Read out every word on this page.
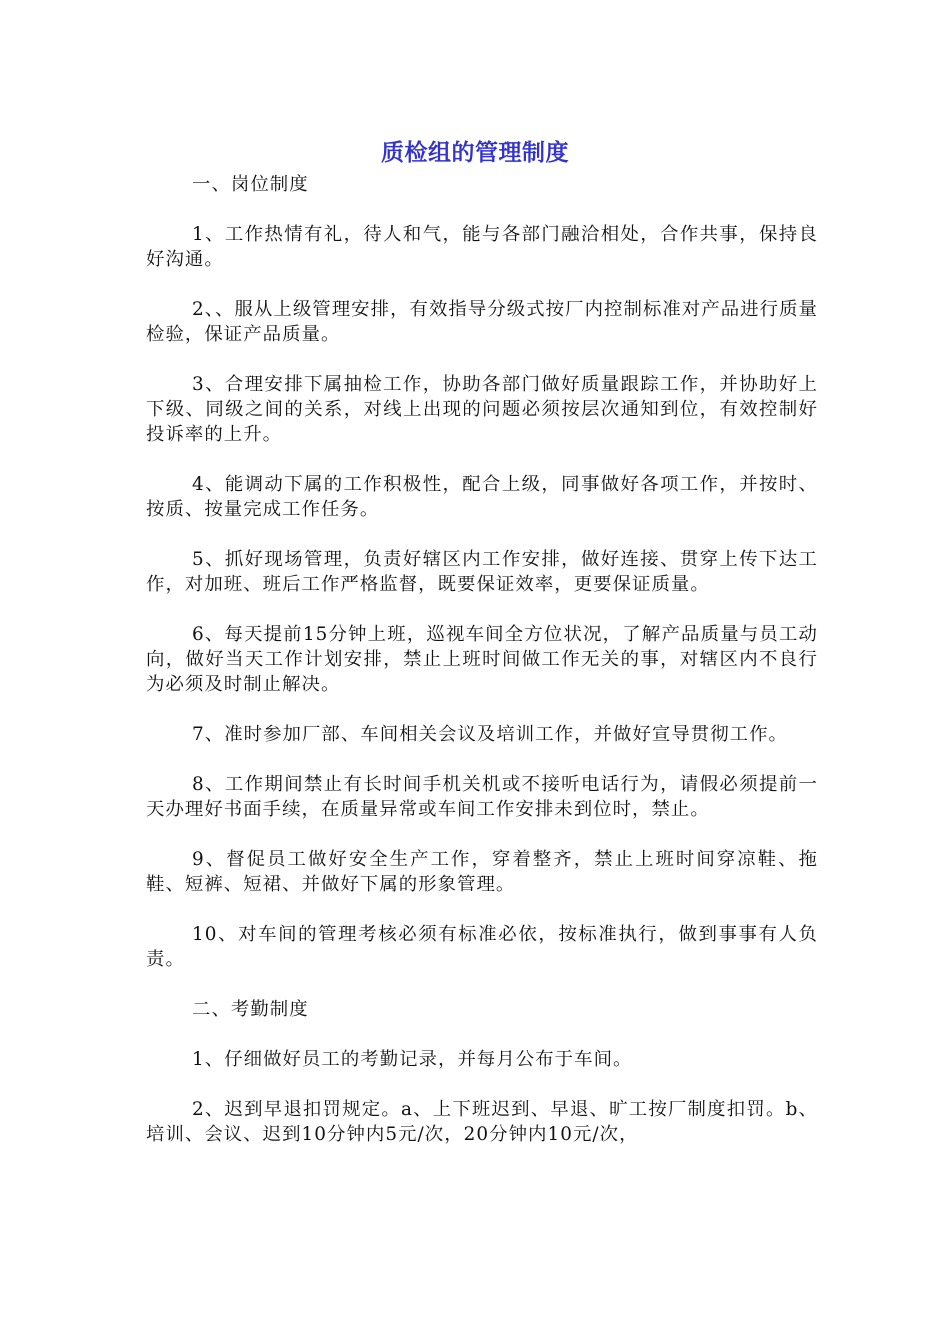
质检组的管理制度

一、岗位制度

1、工作热情有礼，待人和气，能与各部门融洽相处，合作共事，保持良好沟通。

2、、服从上级管理安排，有效指导分级式按厂内控制标准对产品进行质量检验，保证产品质量。

3、合理安排下属抽检工作，协助各部门做好质量跟踪工作，并协助好上下级、同级之间的关系，对线上出现的问题必须按层次通知到位，有效控制好投诉率的上升。

4、能调动下属的工作积极性，配合上级，同事做好各项工作，并按时、按质、按量完成工作任务。

5、抓好现场管理，负责好辖区内工作安排，做好连接、贯穿上传下达工作，对加班、班后工作严格监督，既要保证效率，更要保证质量。

6、每天提前15分钟上班，巡视车间全方位状况，了解产品质量与员工动向，做好当天工作计划安排，禁止上班时间做工作无关的事，对辖区内不良行为必须及时制止解决。

7、准时参加厂部、车间相关会议及培训工作，并做好宣导贯彻工作。

8、工作期间禁止有长时间手机关机或不接听电话行为，请假必须提前一天办理好书面手续，在质量异常或车间工作安排未到位时，禁止。

9、督促员工做好安全生产工作，穿着整齐，禁止上班时间穿凉鞋、拖鞋、短裤、短裙、并做好下属的形象管理。

10、对车间的管理考核必须有标准必依，按标准执行，做到事事有人负责。

二、考勤制度

1、仔细做好员工的考勤记录，并每月公布于车间。

2、迟到早退扣罚规定。a、上下班迟到、早退、旷工按厂制度扣罚。b、培训、会议、迟到10分钟内5元/次，20分钟内10元/次，
